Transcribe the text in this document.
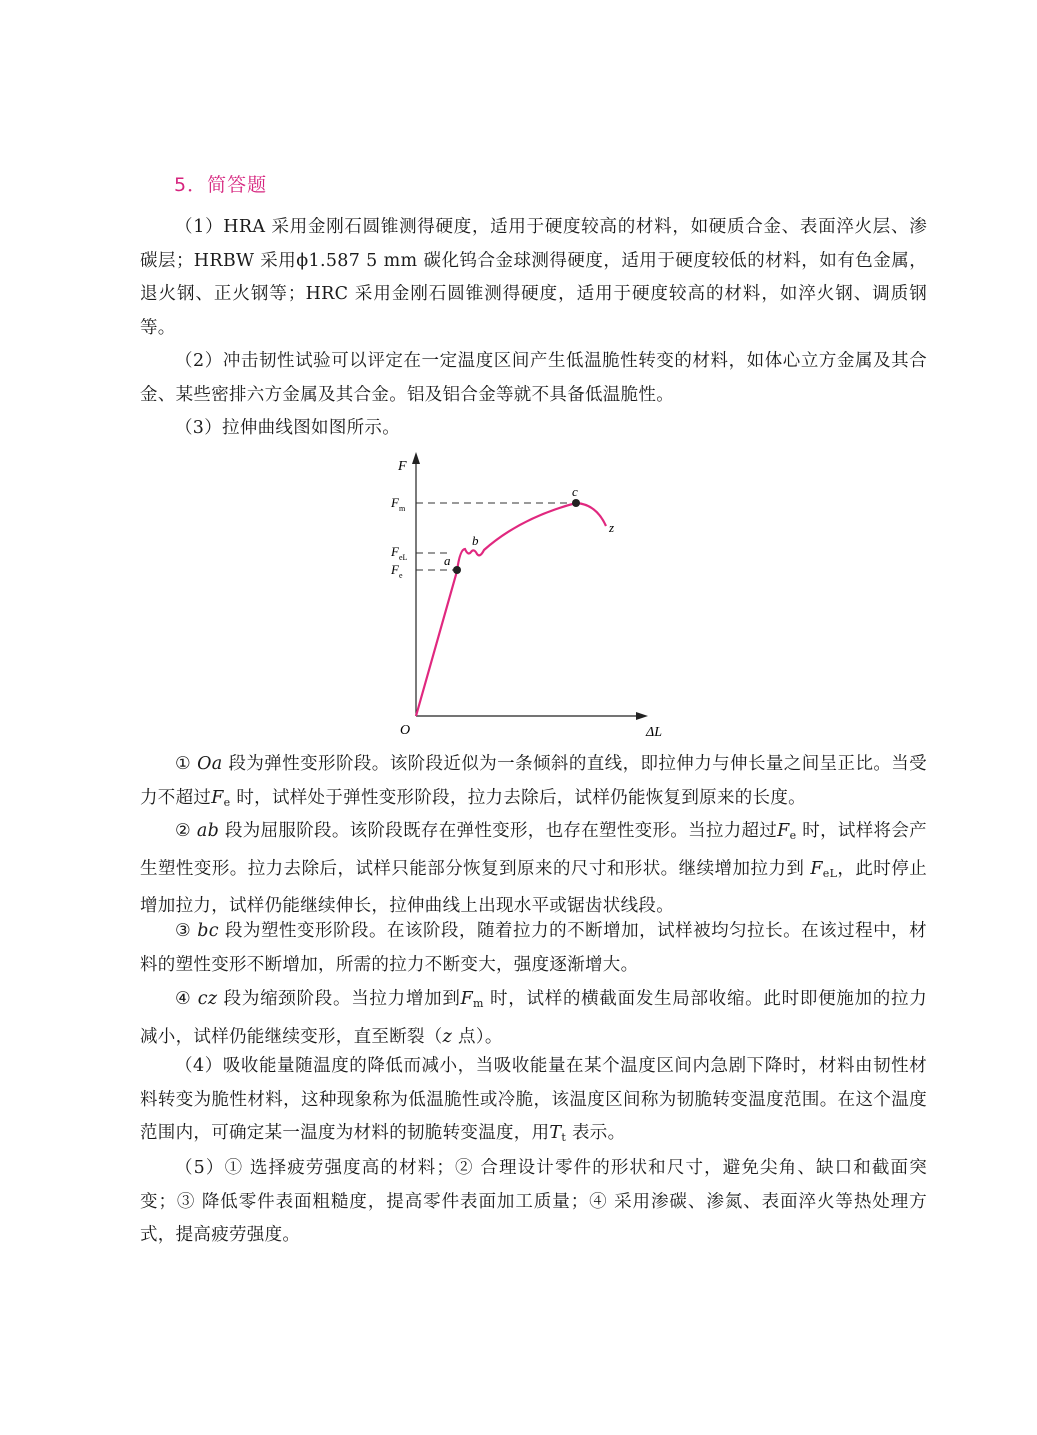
5．简答题
（1）HRA 采用金刚石圆锥测得硬度，适用于硬度较高的材料，如硬质合金、表面淬火层、渗碳层；HRBW 采用ϕ1.587 5 mm 碳化钨合金球测得硬度，适用于硬度较低的材料，如有色金属，退火钢、正火钢等；HRC 采用金刚石圆锥测得硬度，适用于硬度较高的材料，如淬火钢、调质钢等。
（2）冲击韧性试验可以评定在一定温度区间产生低温脆性转变的材料，如体心立方金属及其合金、某些密排六方金属及其合金。铝及铝合金等就不具备低温脆性。
（3）拉伸曲线图如图所示。
F
ΔL
O
$F_m$
$F_{eL}$
$F_e$
a
b
c
z
① Oa 段为弹性变形阶段。该阶段近似为一条倾斜的直线，即拉伸力与伸长量之间呈正比。当受力不超过$F_e$ 时，试样处于弹性变形阶段，拉力去除后，试样仍能恢复到原来的长度。
② ab 段为屈服阶段。该阶段既存在弹性变形，也存在塑性变形。当拉力超过$F_e$ 时，试样将会产生塑性变形。拉力去除后，试样只能部分恢复到原来的尺寸和形状。继续增加拉力到 $F_{eL}$，此时停止增加拉力，试样仍能继续伸长，拉伸曲线上出现水平或锯齿状线段。
③ bc 段为塑性变形阶段。在该阶段，随着拉力的不断增加，试样被均匀拉长。在该过程中，材料的塑性变形不断增加，所需的拉力不断变大，强度逐渐增大。
④ cz 段为缩颈阶段。当拉力增加到$F_m$ 时，试样的横截面发生局部收缩。此时即便施加的拉力减小，试样仍能继续变形，直至断裂（z 点）。
（4）吸收能量随温度的降低而减小，当吸收能量在某个温度区间内急剧下降时，材料由韧性材料转变为脆性材料，这种现象称为低温脆性或冷脆，该温度区间称为韧脆转变温度范围。在这个温度范围内，可确定某一温度为材料的韧脆转变温度，用$T_t$ 表示。
（5）① 选择疲劳强度高的材料；② 合理设计零件的形状和尺寸，避免尖角、缺口和截面突变；③ 降低零件表面粗糙度，提高零件表面加工质量；④ 采用渗碳、渗氮、表面淬火等热处理方式，提高疲劳强度。
